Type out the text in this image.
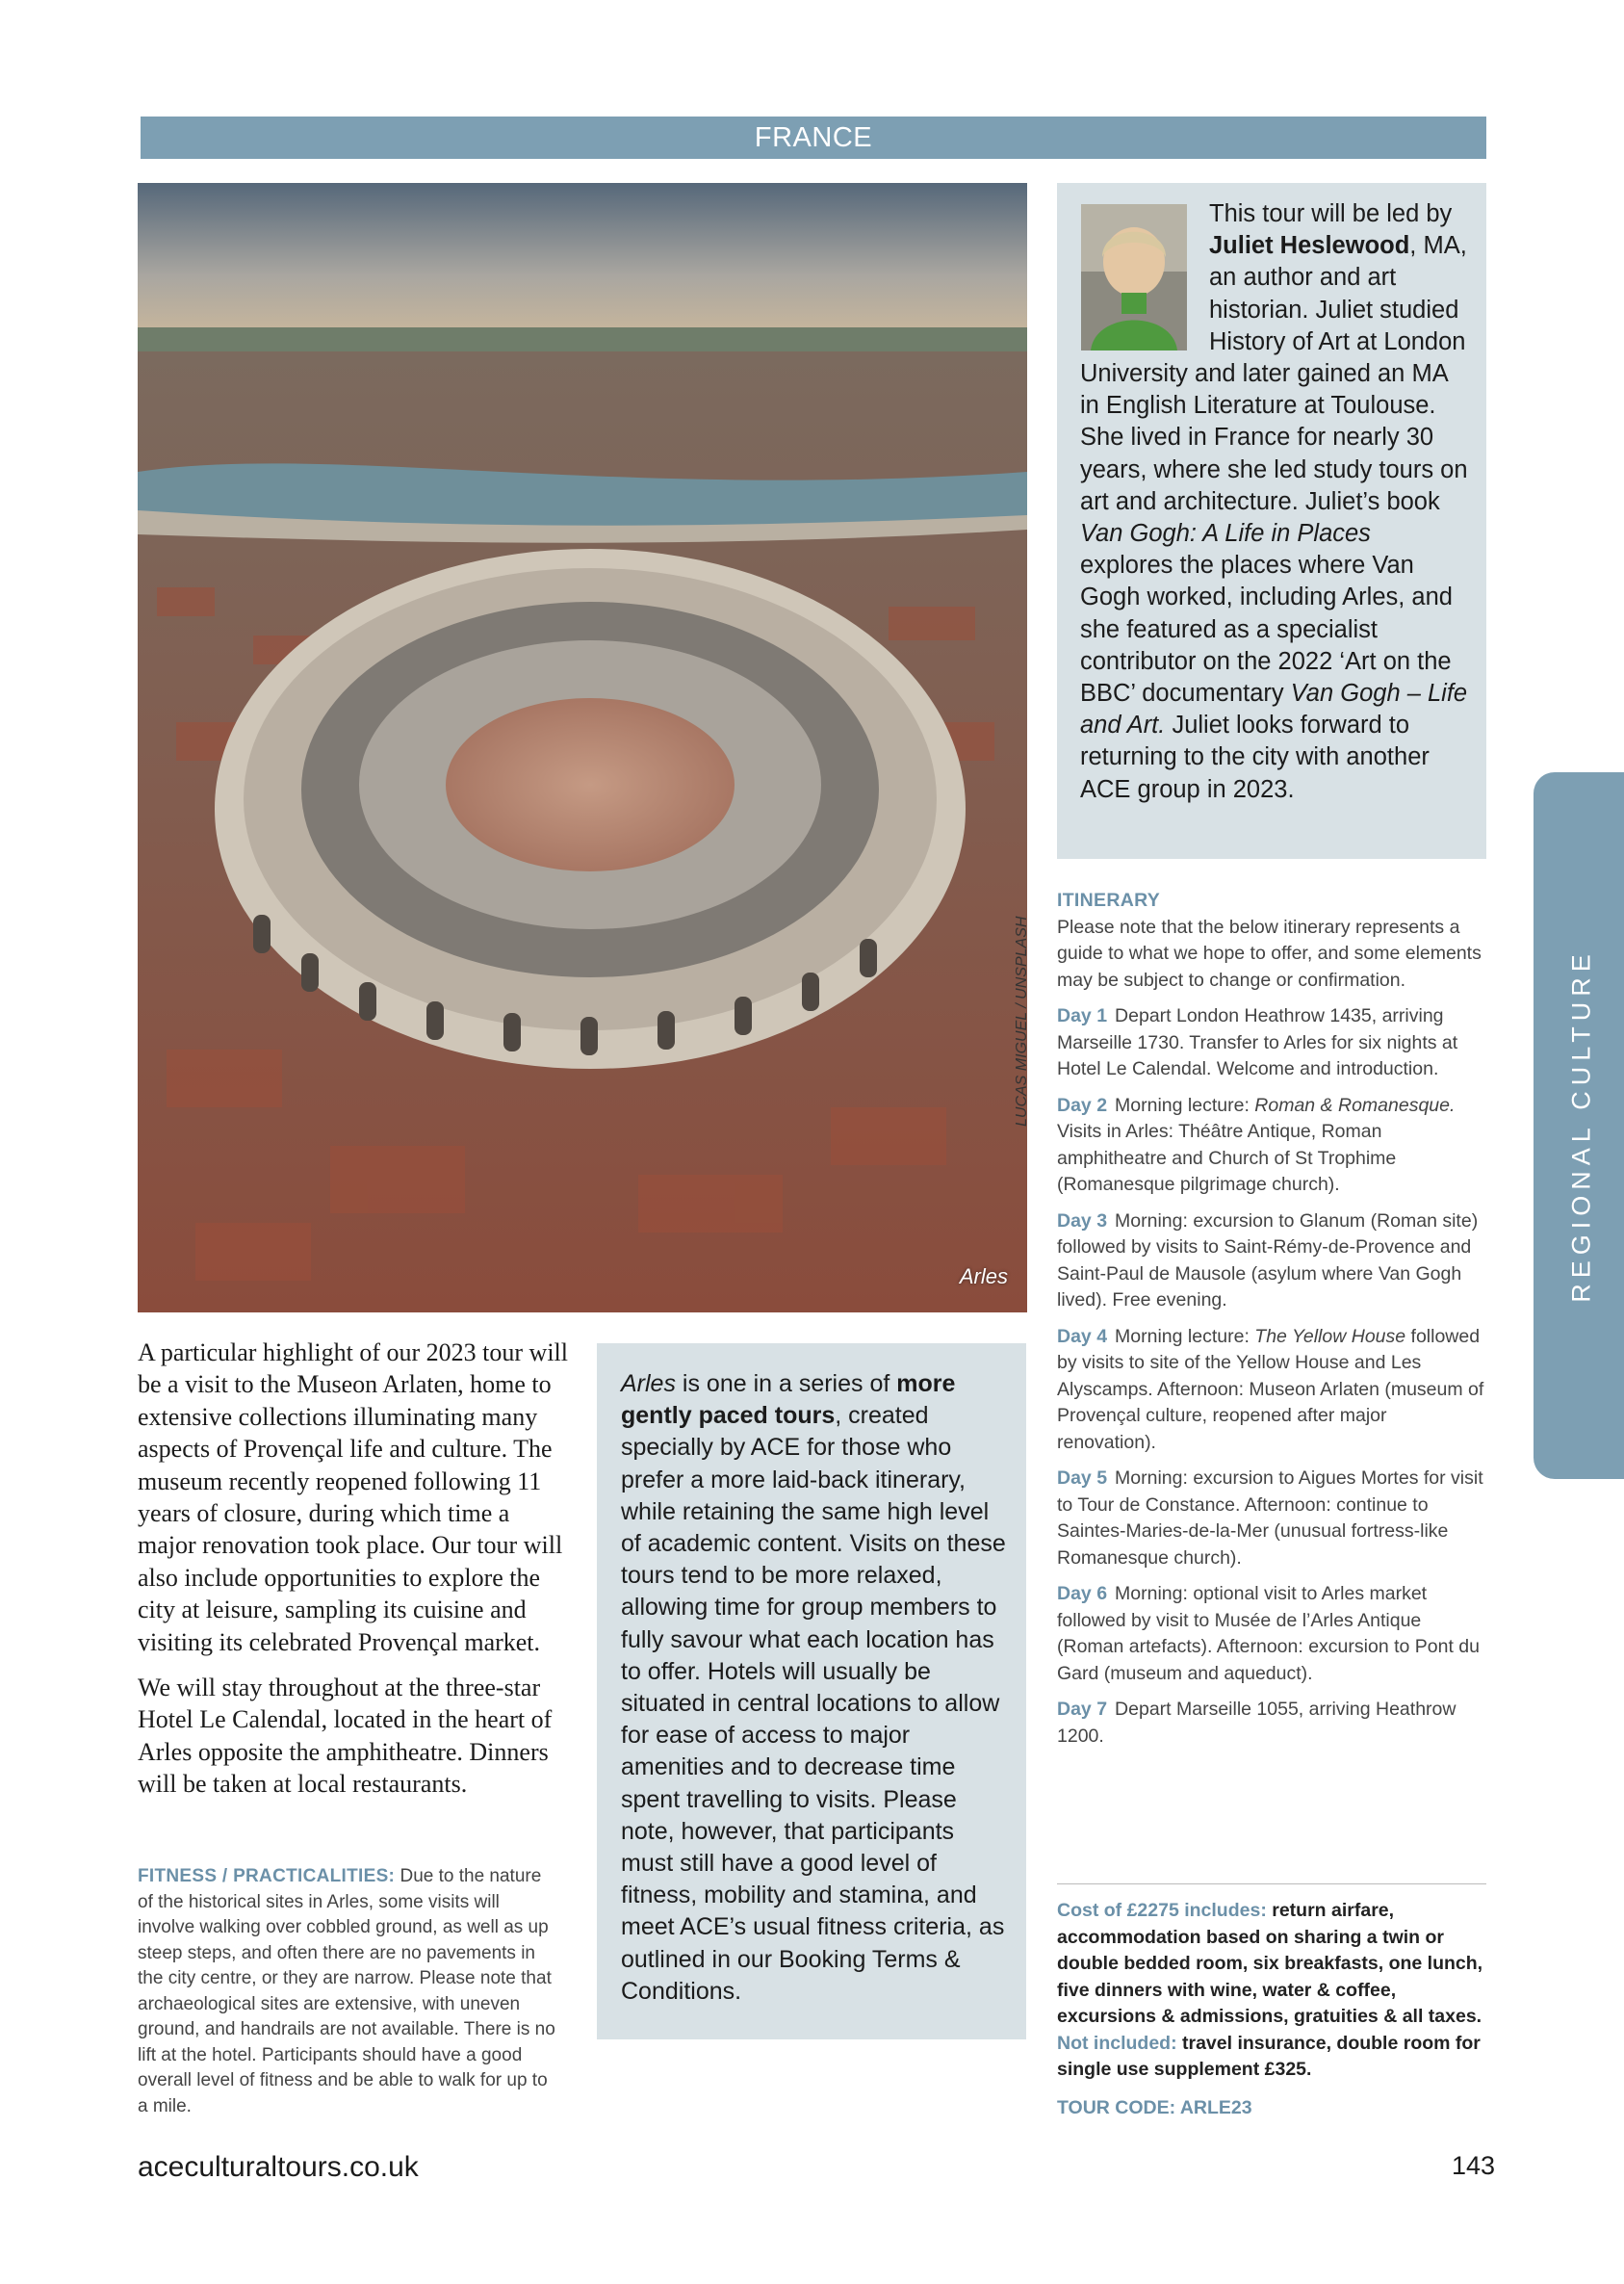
FRANCE
Arles
LUCAS MIGUEL / UNSPLASH
This tour will be led by Juliet Heslewood, MA, an author and art historian. Juliet studied History of Art at London University and later gained an MA in English Literature at Toulouse. She lived in France for nearly 30 years, where she led study tours on art and architecture. Juliet’s book Van Gogh: A Life in Places explores the places where Van Gogh worked, including Arles, and she featured as a specialist contributor on the 2022 ‘Art on the BBC’ documentary Van Gogh – Life and Art. Juliet looks forward to returning to the city with another ACE group in 2023.
ITINERARY
Please note that the below itinerary represents a guide to what we hope to offer, and some elements may be subject to change or confirmation.
Day 1 Depart London Heathrow 1435, arriving Marseille 1730. Transfer to Arles for six nights at Hotel Le Calendal. Welcome and introduction.
Day 2 Morning lecture: Roman & Romanesque. Visits in Arles: Théâtre Antique, Roman amphitheatre and Church of St Trophime (Romanesque pilgrimage church).
Day 3 Morning: excursion to Glanum (Roman site) followed by visits to Saint-Rémy-de-Provence and Saint-Paul de Mausole (asylum where Van Gogh lived). Free evening.
Day 4 Morning lecture: The Yellow House followed by visits to site of the Yellow House and Les Alyscamps. Afternoon: Museon Arlaten (museum of Provençal culture, reopened after major renovation).
Day 5 Morning: excursion to Aigues Mortes for visit to Tour de Constance. Afternoon: continue to Saintes-Maries-de-la-Mer (unusual fortress-like Romanesque church).
Day 6 Morning: optional visit to Arles market followed by visit to Musée de l’Arles Antique (Roman artefacts). Afternoon: excursion to Pont du Gard (museum and aqueduct).
Day 7 Depart Marseille 1055, arriving Heathrow 1200.
Cost of £2275 includes: return airfare, accommodation based on sharing a twin or double bedded room, six breakfasts, one lunch, five dinners with wine, water & coffee, excursions & admissions, gratuities & all taxes. Not included: travel insurance, double room for single use supplement £325.
TOUR CODE: ARLE23

A particular highlight of our 2023 tour will be a visit to the Museon Arlaten, home to extensive collections illuminating many aspects of Provençal life and culture. The museum recently reopened following 11 years of closure, during which time a major renovation took place. Our tour will also include opportunities to explore the city at leisure, sampling its cuisine and visiting its celebrated Provençal market.

We will stay throughout at the three-star Hotel Le Calendal, located in the heart of Arles opposite the amphitheatre. Dinners will be taken at local restaurants.

FITNESS / PRACTICALITIES: Due to the nature of the historical sites in Arles, some visits will involve walking over cobbled ground, as well as up steep steps, and often there are no pavements in the city centre, or they are narrow. Please note that archaeological sites are extensive, with uneven ground, and handrails are not available. There is no lift at the hotel. Participants should have a good overall level of fitness and be able to walk for up to a mile.
Arles is one in a series of more gently paced tours, created specially by ACE for those who prefer a more laid-back itinerary, while retaining the same high level of academic content. Visits on these tours tend to be more relaxed, allowing time for group members to fully savour what each location has to offer. Hotels will usually be situated in central locations to allow for ease of access to major amenities and to decrease time spent travelling to visits. Please note, however, that participants must still have a good level of fitness, mobility and stamina, and meet ACE’s usual fitness criteria, as outlined in our Booking Terms & Conditions.
REGIONAL CULTURE
aceculturaltours.co.uk	143
